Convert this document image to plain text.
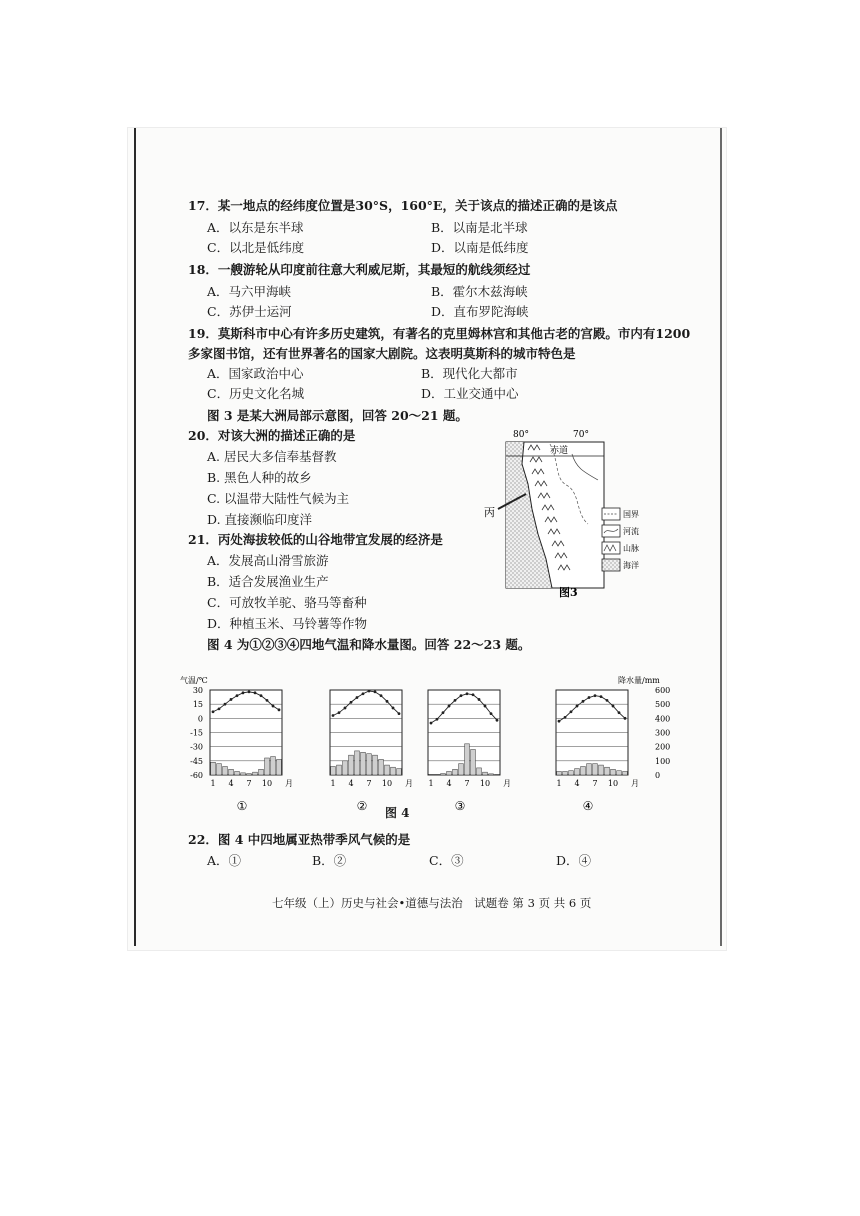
17．某一地点的经纬度位置是30°S，160°E，关于该点的描述正确的是该点
A．以东是东半球	B．以南是北半球
C．以北是低纬度	D．以南是低纬度
18．一艘游轮从印度前往意大利威尼斯，其最短的航线须经过
A．马六甲海峡	B．霍尔木兹海峡
C．苏伊士运河	D．直布罗陀海峡
19．莫斯科市中心有许多历史建筑，有著名的克里姆林宫和其他古老的宫殿。市内有1200
多家图书馆，还有世界著名的国家大剧院。这表明莫斯科的城市特色是
A．国家政治中心	B．现代化大都市
C．历史文化名城	D．工业交通中心
图 3 是某大洲局部示意图，回答 20～21 题。
20．对该大洲的描述正确的是
A. 居民大多信奉基督教
B. 黑色人种的故乡
C. 以温带大陆性气候为主
D. 直接濒临印度洋
21．丙处海拔较低的山谷地带宜发展的经济是
A．发展高山滑雪旅游
B．适合发展渔业生产
C．可放牧羊驼、骆马等畜种
D．种植玉米、马铃薯等作物
图 4 为①②③④四地气温和降水量图。回答 22～23 题。
80°	70°
赤道
丙	国界
河流
山脉
海洋
图3
气温/℃	降水量/mm
30
15
0
-15
-30
-45
-60
600
500
400
300
200
100
0
1 4 7 10 月
①
1 4 7 10 月
②
1 4 7 10 月
③
1 4 7 10 月
④
图 4
22．图 4 中四地属亚热带季风气候的是
A．①	B．②	C．③	D．④
七年级（上）历史与社会•道德与法治　试题卷 第 3 页 共 6 页
